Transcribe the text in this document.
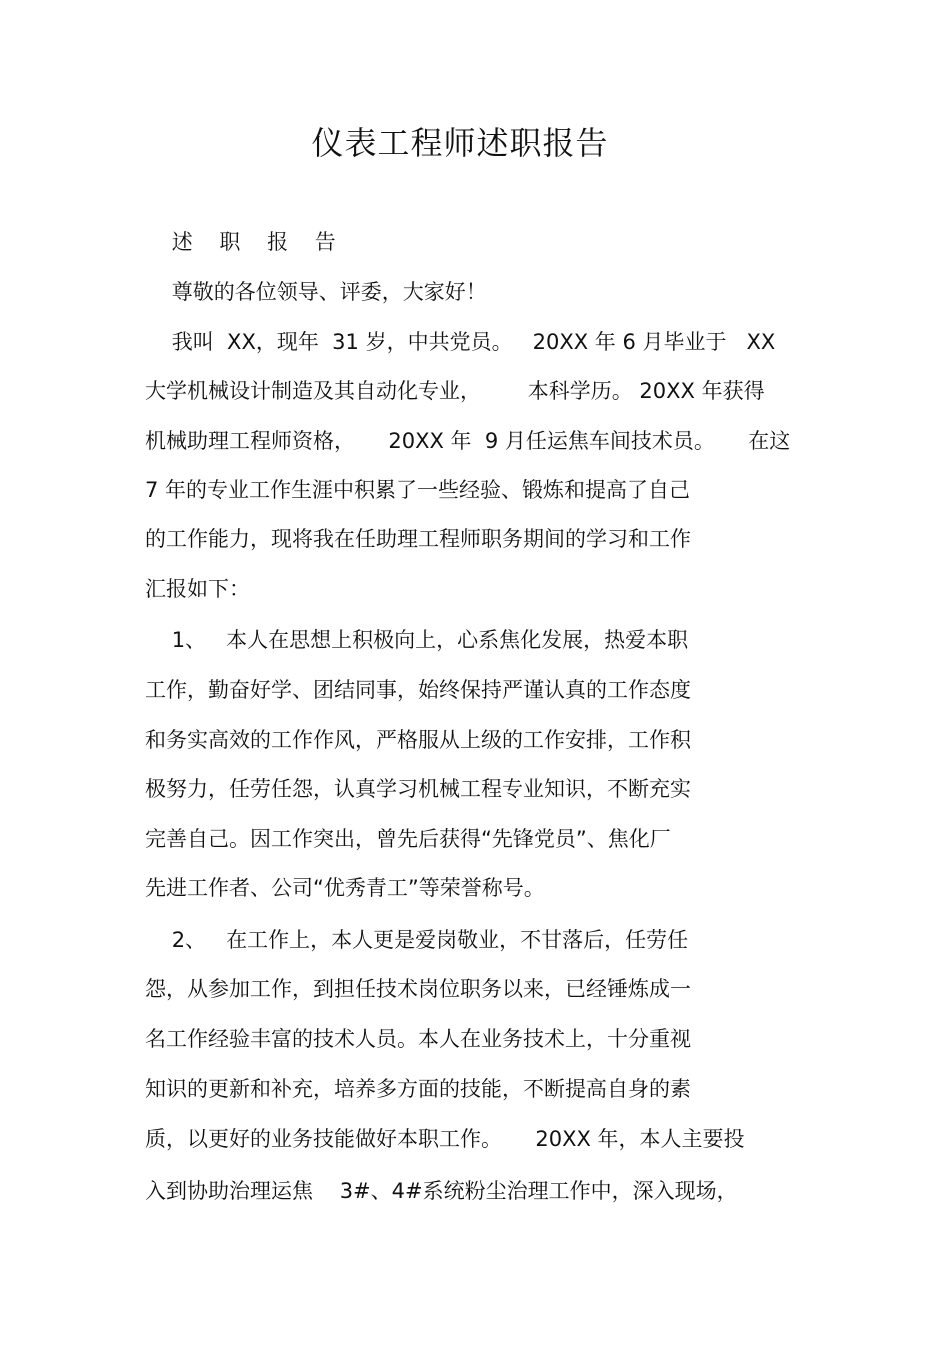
仪表工程师述职报告
述    职    报    告
尊敬的各位领导、评委，大家好！
我叫  XX，现年  31 岁，中共党员。   20XX 年 6 月毕业于   XX
大学机械设计制造及其自动化专业，       本科学历。 20XX 年获得
机械助理工程师资格，     20XX 年  9 月任运焦车间技术员。     在这
7 年的专业工作生涯中积累了一些经验、锻炼和提高了自己
的工作能力，现将我在任助理工程师职务期间的学习和工作
汇报如下：
1、   本人在思想上积极向上，心系焦化发展，热爱本职
工作，勤奋好学、团结同事，始终保持严谨认真的工作态度
和务实高效的工作作风，严格服从上级的工作安排，工作积
极努力，任劳任怨，认真学习机械工程专业知识，不断充实
完善自己。因工作突出，曾先后获得“先锋党员”、焦化厂
先进工作者、公司“优秀青工”等荣誉称号。
2、   在工作上，本人更是爱岗敬业，不甘落后，任劳任
怨，从参加工作，到担任技术岗位职务以来，已经锤炼成一
名工作经验丰富的技术人员。本人在业务技术上，十分重视
知识的更新和补充，培养多方面的技能，不断提高自身的素
质，以更好的业务技能做好本职工作。     20XX 年，本人主要投
入到协助治理运焦    3#、4#系统粉尘治理工作中，深入现场，
